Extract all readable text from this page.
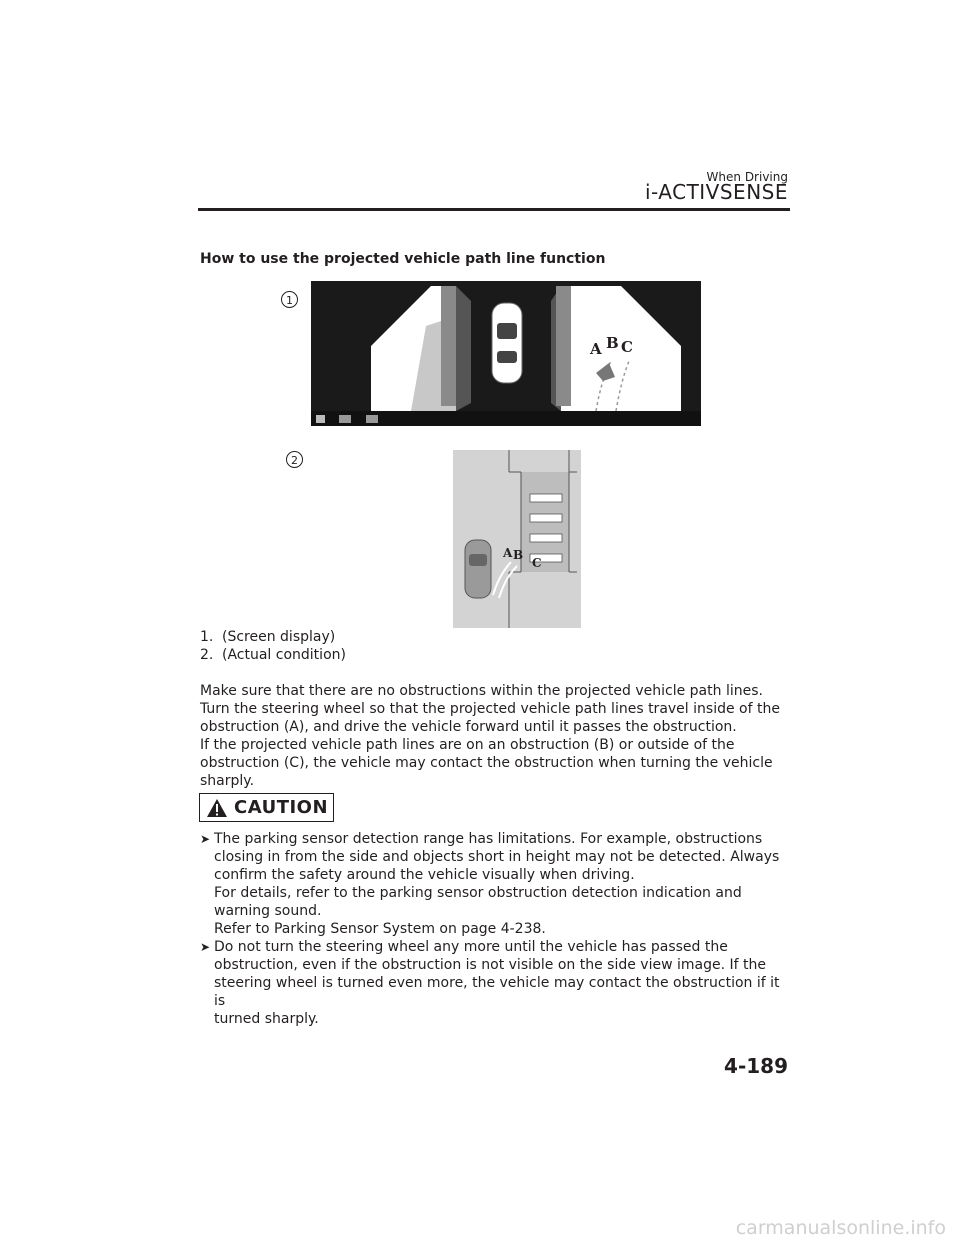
When Driving
i-ACTIVSENSE
How to use the projected vehicle path line function
1
A B C
2
A B
C
1. (Screen display)
2. (Actual condition)

Make sure that there are no obstructions within the projected vehicle path lines.
Turn the steering wheel so that the projected vehicle path lines travel inside of the
obstruction (A), and drive the vehicle forward until it passes the obstruction.
If the projected vehicle path lines are on an obstruction (B) or outside of the
obstruction (C), the vehicle may contact the obstruction when turning the vehicle
sharply.

CAUTION
➤ The parking sensor detection range has limitations. For example, obstructions
closing in from the side and objects short in height may not be detected. Always
confirm the safety around the vehicle visually when driving.
For details, refer to the parking sensor obstruction detection indication and
warning sound.
Refer to Parking Sensor System on page 4-238.
➤ Do not turn the steering wheel any more until the vehicle has passed the
obstruction, even if the obstruction is not visible on the side view image. If the
steering wheel is turned even more, the vehicle may contact the obstruction if it is
turned sharply.
4-189
carmanualsonline.info
